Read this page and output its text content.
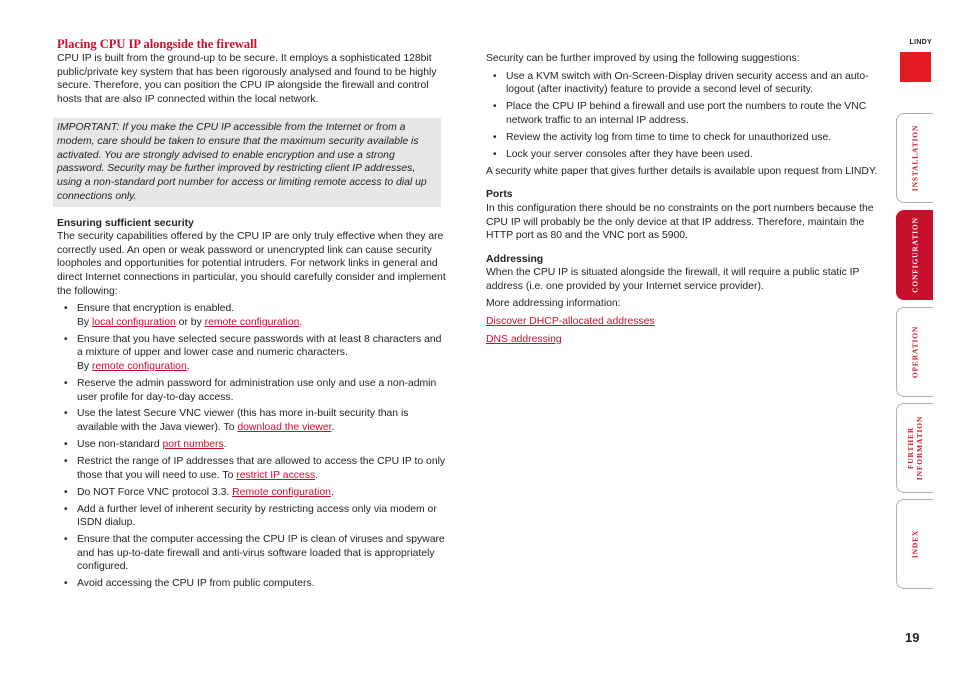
Placing CPU IP alongside the firewall

CPU IP is built from the ground-up to be secure. It employs a sophisticated 128bit public/private key system that has been rigorously analysed and found to be highly secure. Therefore, you can position the CPU IP alongside the firewall and control hosts that are also IP connected within the local network.

IMPORTANT: If you make the CPU IP accessible from the Internet or from a modem, care should be taken to ensure that the maximum security available is activated. You are strongly advised to enable encryption and use a strong password. Security may be further improved by restricting client IP addresses, using a non-standard port number for access or limiting remote access to dial up connections only.

Ensuring sufficient security

The security capabilities offered by the CPU IP are only truly effective when they are correctly used. An open or weak password or unencrypted link can cause security loopholes and opportunities for potential intruders. For network links in general and direct Internet connections in particular, you should carefully consider and implement the following:

• Ensure that encryption is enabled.
By local configuration or by remote configuration.
• Ensure that you have selected secure passwords with at least 8 characters and a mixture of upper and lower case and numeric characters.
By remote configuration.
• Reserve the admin password for administration use only and use a non-admin user profile for day-to-day access.
• Use the latest Secure VNC viewer (this has more in-built security than is available with the Java viewer). To download the viewer.
• Use non-standard port numbers.
• Restrict the range of IP addresses that are allowed to access the CPU IP to only those that you will need to use. To restrict IP access.
• Do NOT Force VNC protocol 3.3. Remote configuration.
• Add a further level of inherent security by restricting access only via modem or ISDN dialup.
• Ensure that the computer accessing the CPU IP is clean of viruses and spyware and has up-to-date firewall and anti-virus software loaded that is appropriately configured.
• Avoid accessing the CPU IP from public computers.

Security can be further improved by using the following suggestions:

• Use a KVM switch with On-Screen-Display driven security access and an auto-logout (after inactivity) feature to provide a second level of security.
• Place the CPU IP behind a firewall and use port the numbers to route the VNC network traffic to an internal IP address.
• Review the activity log from time to time to check for unauthorized use.
• Lock your server consoles after they have been used.

A security white paper that gives further details is available upon request from LINDY.

Ports

In this configuration there should be no constraints on the port numbers because the CPU IP will probably be the only device at that IP address. Therefore, maintain the HTTP port as 80 and the VNC port as 5900.

Addressing

When the CPU IP is situated alongside the firewall, it will require a public static IP address (i.e. one provided by your Internet service provider).

More addressing information:

Discover DHCP-allocated addresses

DNS addressing

LINDY
INSTALLATION
CONFIGURATION
OPERATION
FURTHER INFORMATION
INDEX
19
